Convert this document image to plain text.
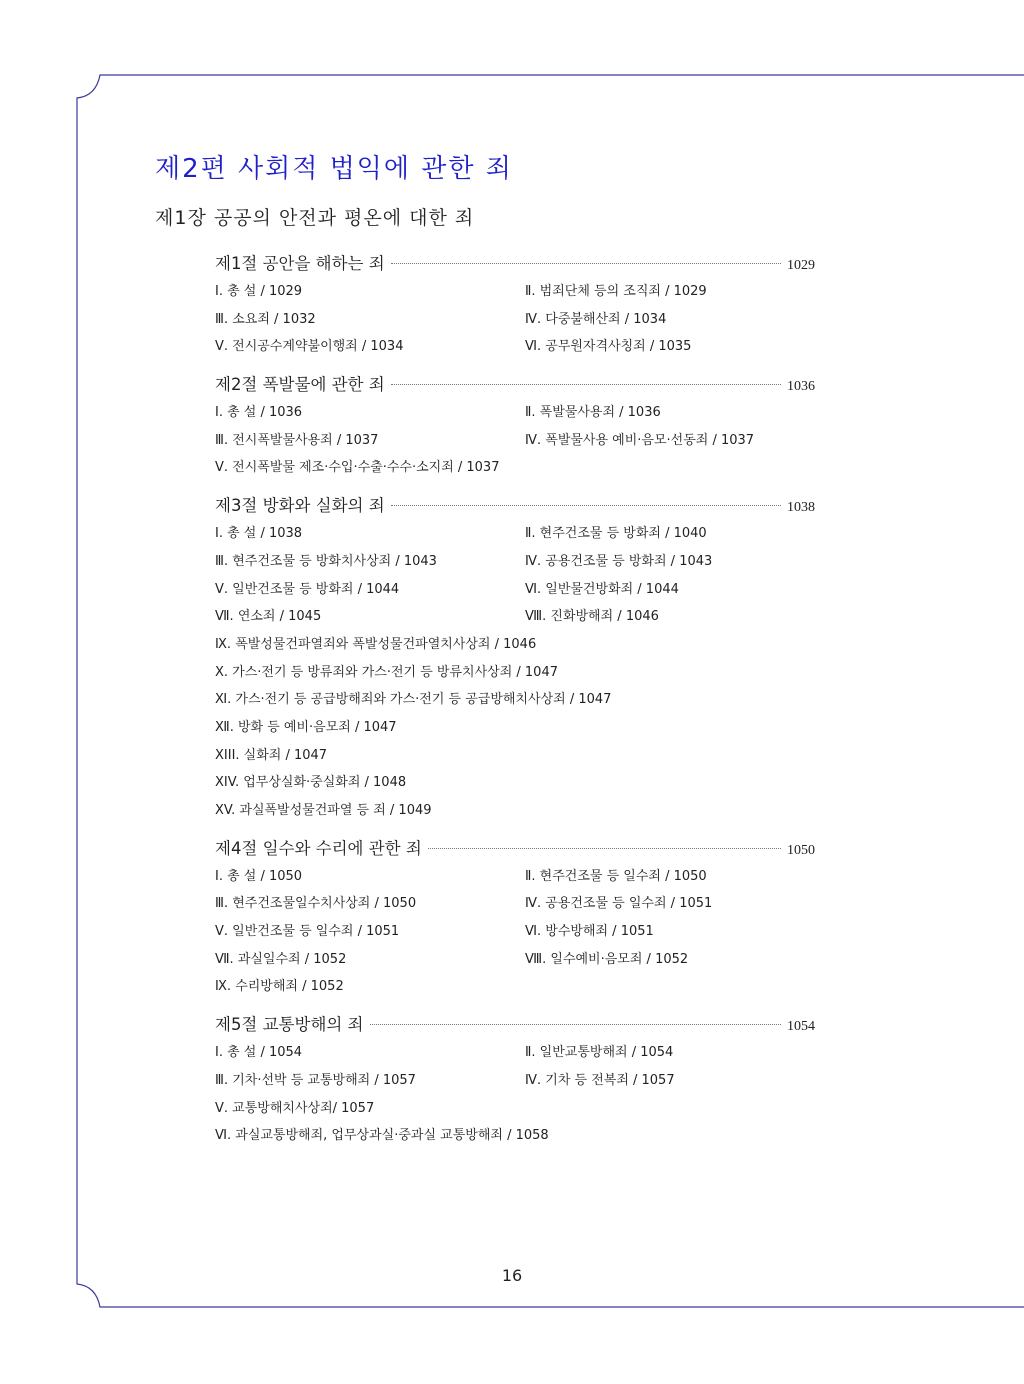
제2편 사회적 법익에 관한 죄
제1장 공공의 안전과 평온에 대한 죄
제1절 공안을 해하는 죄	1029
Ⅰ. 총 설 / 1029	Ⅱ. 범죄단체 등의 조직죄 / 1029
Ⅲ. 소요죄 / 1032	Ⅳ. 다중불해산죄 / 1034
Ⅴ. 전시공수계약불이행죄 / 1034	Ⅵ. 공무원자격사칭죄 / 1035
제2절 폭발물에 관한 죄	1036
Ⅰ. 총 설 / 1036	Ⅱ. 폭발물사용죄 / 1036
Ⅲ. 전시폭발물사용죄 / 1037	Ⅳ. 폭발물사용 예비·음모·선동죄 / 1037
Ⅴ. 전시폭발물 제조·수입·수출·수수·소지죄 / 1037
제3절 방화와 실화의 죄	1038
Ⅰ. 총 설 / 1038	Ⅱ. 현주건조물 등 방화죄 / 1040
Ⅲ. 현주건조물 등 방화치사상죄 / 1043	Ⅳ. 공용건조물 등 방화죄 / 1043
Ⅴ. 일반건조물 등 방화죄 / 1044	Ⅵ. 일반물건방화죄 / 1044
Ⅶ. 연소죄 / 1045	Ⅷ. 진화방해죄 / 1046
Ⅸ. 폭발성물건파열죄와 폭발성물건파열치사상죄 / 1046
Ⅹ. 가스·전기 등 방류죄와 가스·전기 등 방류치사상죄 / 1047
Ⅺ. 가스·전기 등 공급방해죄와 가스·전기 등 공급방해치사상죄 / 1047
Ⅻ. 방화 등 예비·음모죄 / 1047
XIII. 실화죄 / 1047
XIV. 업무상실화·중실화죄 / 1048
XV. 과실폭발성물건파열 등 죄 / 1049
제4절 일수와 수리에 관한 죄	1050
Ⅰ. 총 설 / 1050	Ⅱ. 현주건조물 등 일수죄 / 1050
Ⅲ. 현주건조물일수치사상죄 / 1050	Ⅳ. 공용건조물 등 일수죄 / 1051
Ⅴ. 일반건조물 등 일수죄 / 1051	Ⅵ. 방수방해죄 / 1051
Ⅶ. 과실일수죄 / 1052	Ⅷ. 일수예비·음모죄 / 1052
Ⅸ. 수리방해죄 / 1052
제5절 교통방해의 죄	1054
Ⅰ. 총 설 / 1054	Ⅱ. 일반교통방해죄 / 1054
Ⅲ. 기차·선박 등 교통방해죄 / 1057	Ⅳ. 기차 등 전복죄 / 1057
Ⅴ. 교통방해치사상죄/ 1057
Ⅵ. 과실교통방해죄, 업무상과실·중과실 교통방해죄 / 1058
16
